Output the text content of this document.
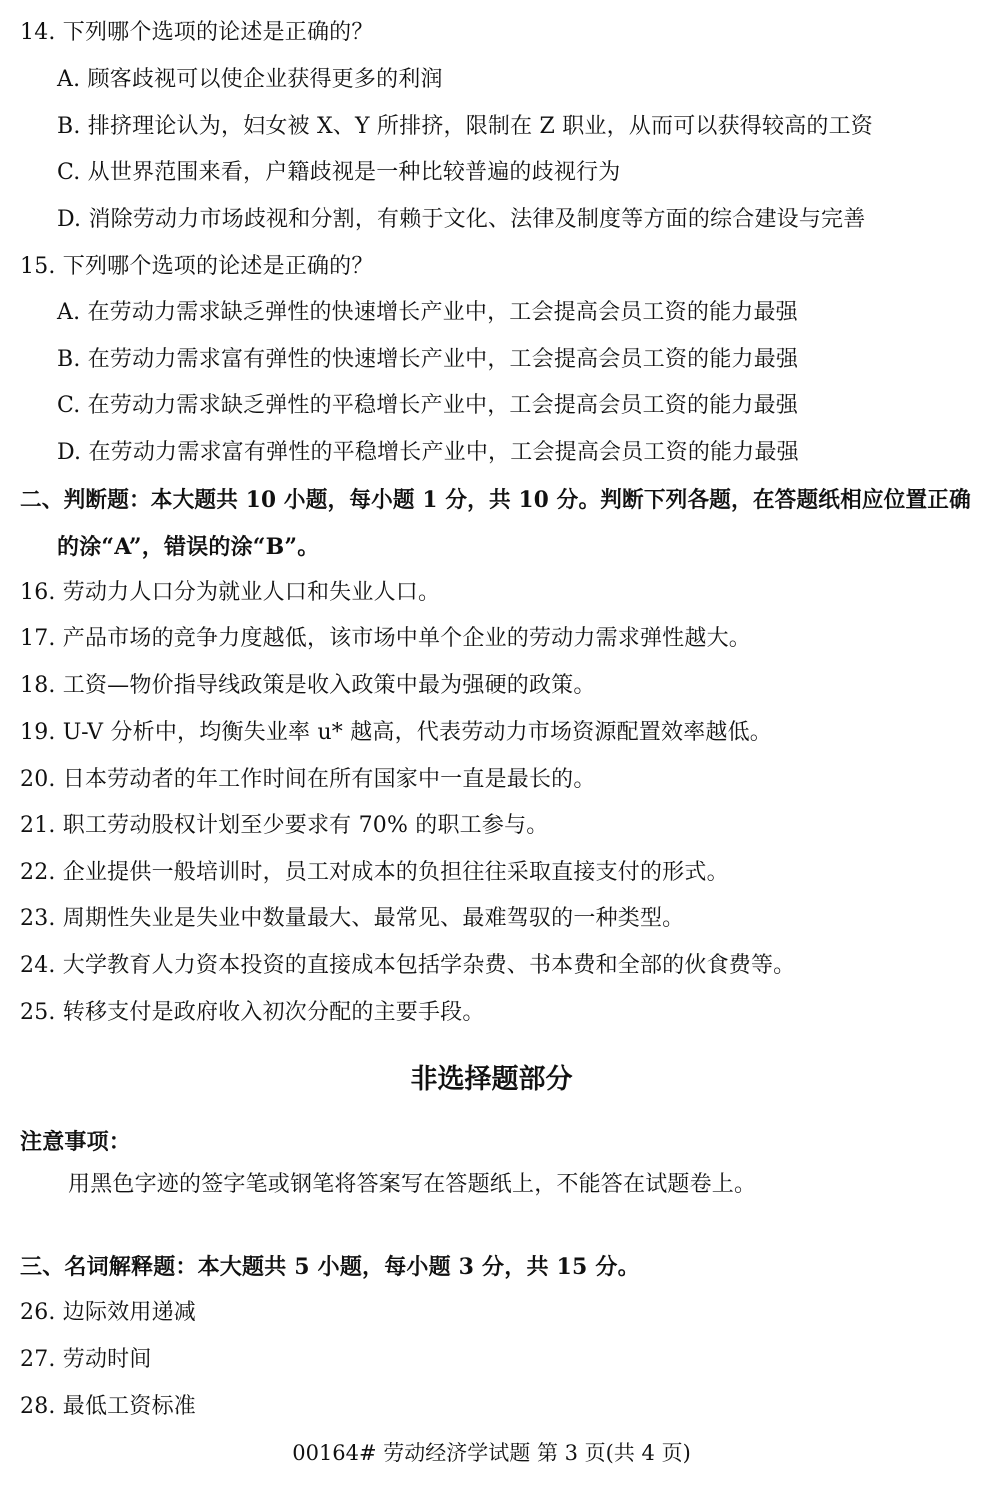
14. 下列哪个选项的论述是正确的？
A. 顾客歧视可以使企业获得更多的利润
B. 排挤理论认为，妇女被 X、Y 所排挤，限制在 Z 职业，从而可以获得较高的工资
C. 从世界范围来看，户籍歧视是一种比较普遍的歧视行为
D. 消除劳动力市场歧视和分割，有赖于文化、法律及制度等方面的综合建设与完善
15. 下列哪个选项的论述是正确的？
A. 在劳动力需求缺乏弹性的快速增长产业中，工会提高会员工资的能力最强
B. 在劳动力需求富有弹性的快速增长产业中，工会提高会员工资的能力最强
C. 在劳动力需求缺乏弹性的平稳增长产业中，工会提高会员工资的能力最强
D. 在劳动力需求富有弹性的平稳增长产业中，工会提高会员工资的能力最强
二、判断题：本大题共 10 小题，每小题 1 分，共 10 分。判断下列各题，在答题纸相应位置正确
的涂“A”，错误的涂“B”。
16. 劳动力人口分为就业人口和失业人口。
17. 产品市场的竞争力度越低，该市场中单个企业的劳动力需求弹性越大。
18. 工资—物价指导线政策是收入政策中最为强硬的政策。
19. U-V 分析中，均衡失业率 u* 越高，代表劳动力市场资源配置效率越低。
20. 日本劳动者的年工作时间在所有国家中一直是最长的。
21. 职工劳动股权计划至少要求有 70% 的职工参与。
22. 企业提供一般培训时，员工对成本的负担往往采取直接支付的形式。
23. 周期性失业是失业中数量最大、最常见、最难驾驭的一种类型。
24. 大学教育人力资本投资的直接成本包括学杂费、书本费和全部的伙食费等。
25. 转移支付是政府收入初次分配的主要手段。
非选择题部分
注意事项：
用黑色字迹的签字笔或钢笔将答案写在答题纸上，不能答在试题卷上。
三、名词解释题：本大题共 5 小题，每小题 3 分，共 15 分。
26. 边际效用递减
27. 劳动时间
28. 最低工资标准
00164# 劳动经济学试题 第 3 页(共 4 页)
